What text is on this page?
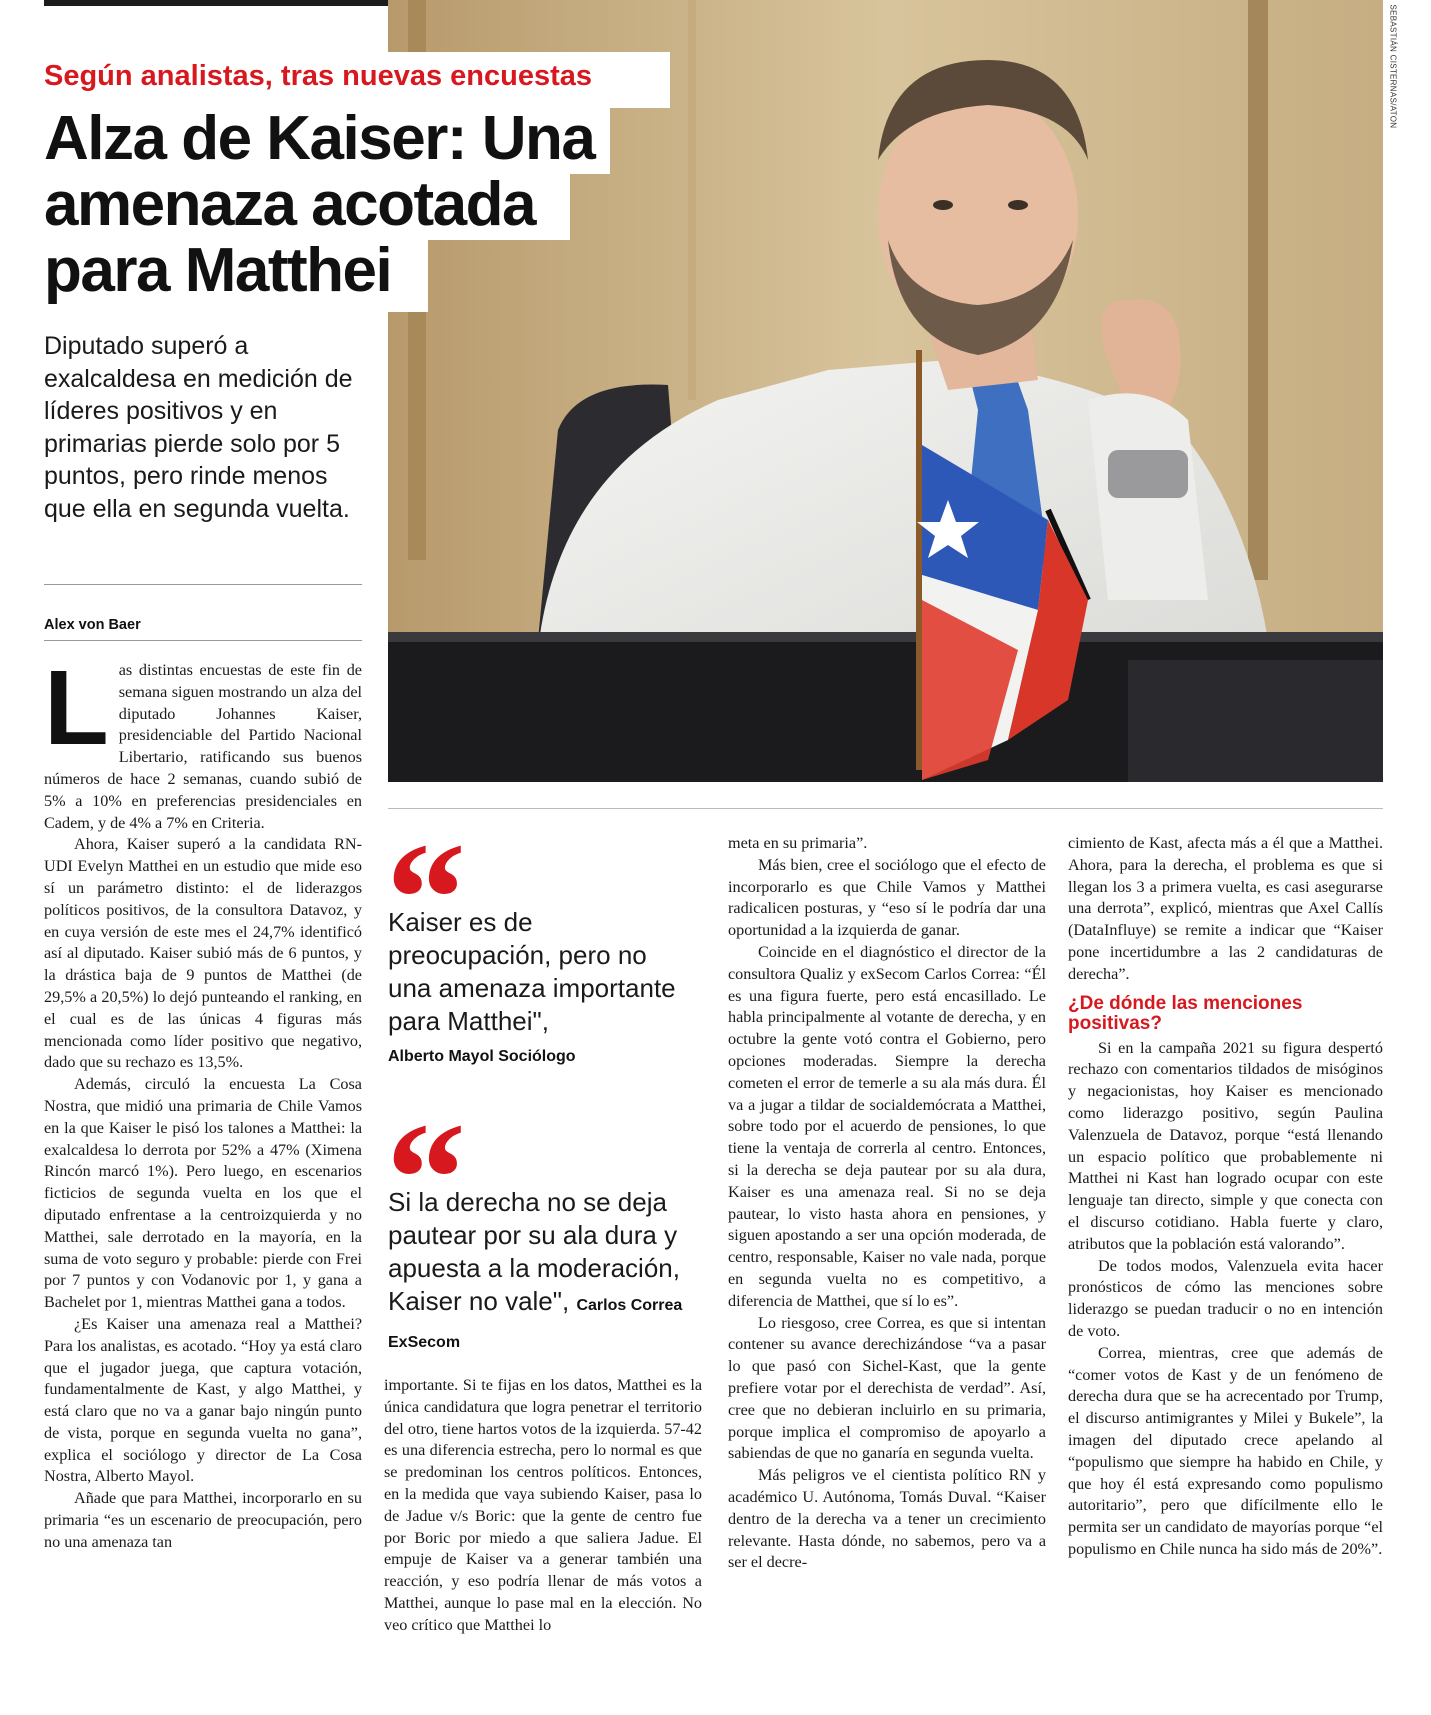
SEBASTIÁN CISTERNAS/ATON
Según analistas, tras nuevas encuestas
Alza de Kaiser: Una amenaza acotada para Matthei
Diputado superó a exalcaldesa en medición de líderes positivos y en primarias pierde solo por 5 puntos, pero rinde menos que ella en segunda vuelta.
Alex von Baer
L as distintas encuestas de este fin de semana siguen mostrando un alza del diputado Johannes Kaiser, presidenciable del Partido Nacional Libertario, ratificando sus buenos números de hace 2 semanas, cuando subió de 5% a 10% en preferencias presidenciales en Cadem, y de 4% a 7% en Criteria.

Ahora, Kaiser superó a la candidata RN-UDI Evelyn Matthei en un estudio que mide eso sí un parámetro distinto: el de liderazgos políticos positivos, de la consultora Datavoz, y en cuya versión de este mes el 24,7% identificó así al diputado. Kaiser subió más de 6 puntos, y la drástica baja de 9 puntos de Matthei (de 29,5% a 20,5%) lo dejó punteando el ranking, en el cual es de las únicas 4 figuras más mencionada como líder positivo que negativo, dado que su rechazo es 13,5%.

Además, circuló la encuesta La Cosa Nostra, que midió una primaria de Chile Vamos en la que Kaiser le pisó los talones a Matthei: la exalcaldesa lo derrota por 52% a 47% (Ximena Rincón marcó 1%). Pero luego, en escenarios ficticios de segunda vuelta en los que el diputado enfrentase a la centroizquierda y no Matthei, sale derrotado en la mayoría, en la suma de voto seguro y probable: pierde con Frei por 7 puntos y con Vodanovic por 1, y gana a Bachelet por 1, mientras Matthei gana a todos.

¿Es Kaiser una amenaza real a Matthei? Para los analistas, es acotado. “Hoy ya está claro que el jugador juega, que captura votación, fundamentalmente de Kast, y algo Matthei, y está claro que no va a ganar bajo ningún punto de vista, porque en segunda vuelta no gana”, explica el sociólogo y director de La Cosa Nostra, Alberto Mayol.

Añade que para Matthei, incorporarlo en su primaria “es un escenario de preocupación, pero no una amenaza tan

Kaiser es de preocupación, pero no una amenaza importante para Matthei",
Alberto Mayol Sociólogo
Si la derecha no se deja pautear por su ala dura y apuesta a la moderación, Kaiser no vale", Carlos Correa ExSecom

importante. Si te fijas en los datos, Matthei es la única candidatura que logra penetrar el territorio del otro, tiene hartos votos de la izquierda. 57-42 es una diferencia estrecha, pero lo normal es que se predominan los centros políticos. Entonces, en la medida que vaya subiendo Kaiser, pasa lo de Jadue v/s Boric: que la gente de centro fue por Boric por miedo a que saliera Jadue. El empuje de Kaiser va a generar también una reacción, y eso podría llenar de más votos a Matthei, aunque lo pase mal en la elección. No veo crítico que Matthei lo

meta en su primaria”.

Más bien, cree el sociólogo que el efecto de incorporarlo es que Chile Vamos y Matthei radicalicen posturas, y “eso sí le podría dar una oportunidad a la izquierda de ganar.

Coincide en el diagnóstico el director de la consultora Qualiz y exSecom Carlos Correa: “Él es una figura fuerte, pero está encasillado. Le habla principalmente al votante de derecha, y en octubre la gente votó contra el Gobierno, pero opciones moderadas. Siempre la derecha cometen el error de temerle a su ala más dura. Él va a jugar a tildar de socialdemócrata a Matthei, sobre todo por el acuerdo de pensiones, lo que tiene la ventaja de correrla al centro. Entonces, si la derecha se deja pautear por su ala dura, Kaiser es una amenaza real. Si no se deja pautear, lo visto hasta ahora en pensiones, y siguen apostando a ser una opción moderada, de centro, responsable, Kaiser no vale nada, porque en segunda vuelta no es competitivo, a diferencia de Matthei, que sí lo es”.

Lo riesgoso, cree Correa, es que si intentan contener su avance derechizándose “va a pasar lo que pasó con Sichel-Kast, que la gente prefiere votar por el derechista de verdad”. Así, cree que no debieran incluirlo en su primaria, porque implica el compromiso de apoyarlo a sabiendas de que no ganaría en segunda vuelta.

Más peligros ve el cientista político RN y académico U. Autónoma, Tomás Duval. “Kaiser dentro de la derecha va a tener un crecimiento relevante. Hasta dónde, no sabemos, pero va a ser el decre-

cimiento de Kast, afecta más a él que a Matthei. Ahora, para la derecha, el problema es que si llegan los 3 a primera vuelta, es casi asegurarse una derrota”, explicó, mientras que Axel Callís (DataInfluye) se remite a indicar que “Kaiser pone incertidumbre a las 2 candidaturas de derecha”.

¿De dónde las menciones positivas?

Si en la campaña 2021 su figura despertó rechazo con comentarios tildados de misóginos y negacionistas, hoy Kaiser es mencionado como liderazgo positivo, según Paulina Valenzuela de Datavoz, porque “está llenando un espacio político que probablemente ni Matthei ni Kast han logrado ocupar con este lenguaje tan directo, simple y que conecta con el discurso cotidiano. Habla fuerte y claro, atributos que la población está valorando”.

De todos modos, Valenzuela evita hacer pronósticos de cómo las menciones sobre liderazgo se puedan traducir o no en intención de voto.

Correa, mientras, cree que además de “comer votos de Kast y de un fenómeno de derecha dura que se ha acrecentado por Trump, el discurso antimigrantes y Milei y Bukele”, la imagen del diputado crece apelando al “populismo que siempre ha habido en Chile, y que hoy él está expresando como populismo autoritario”, pero que difícilmente ello le permita ser un candidato de mayorías porque “el populismo en Chile nunca ha sido más de 20%”.
